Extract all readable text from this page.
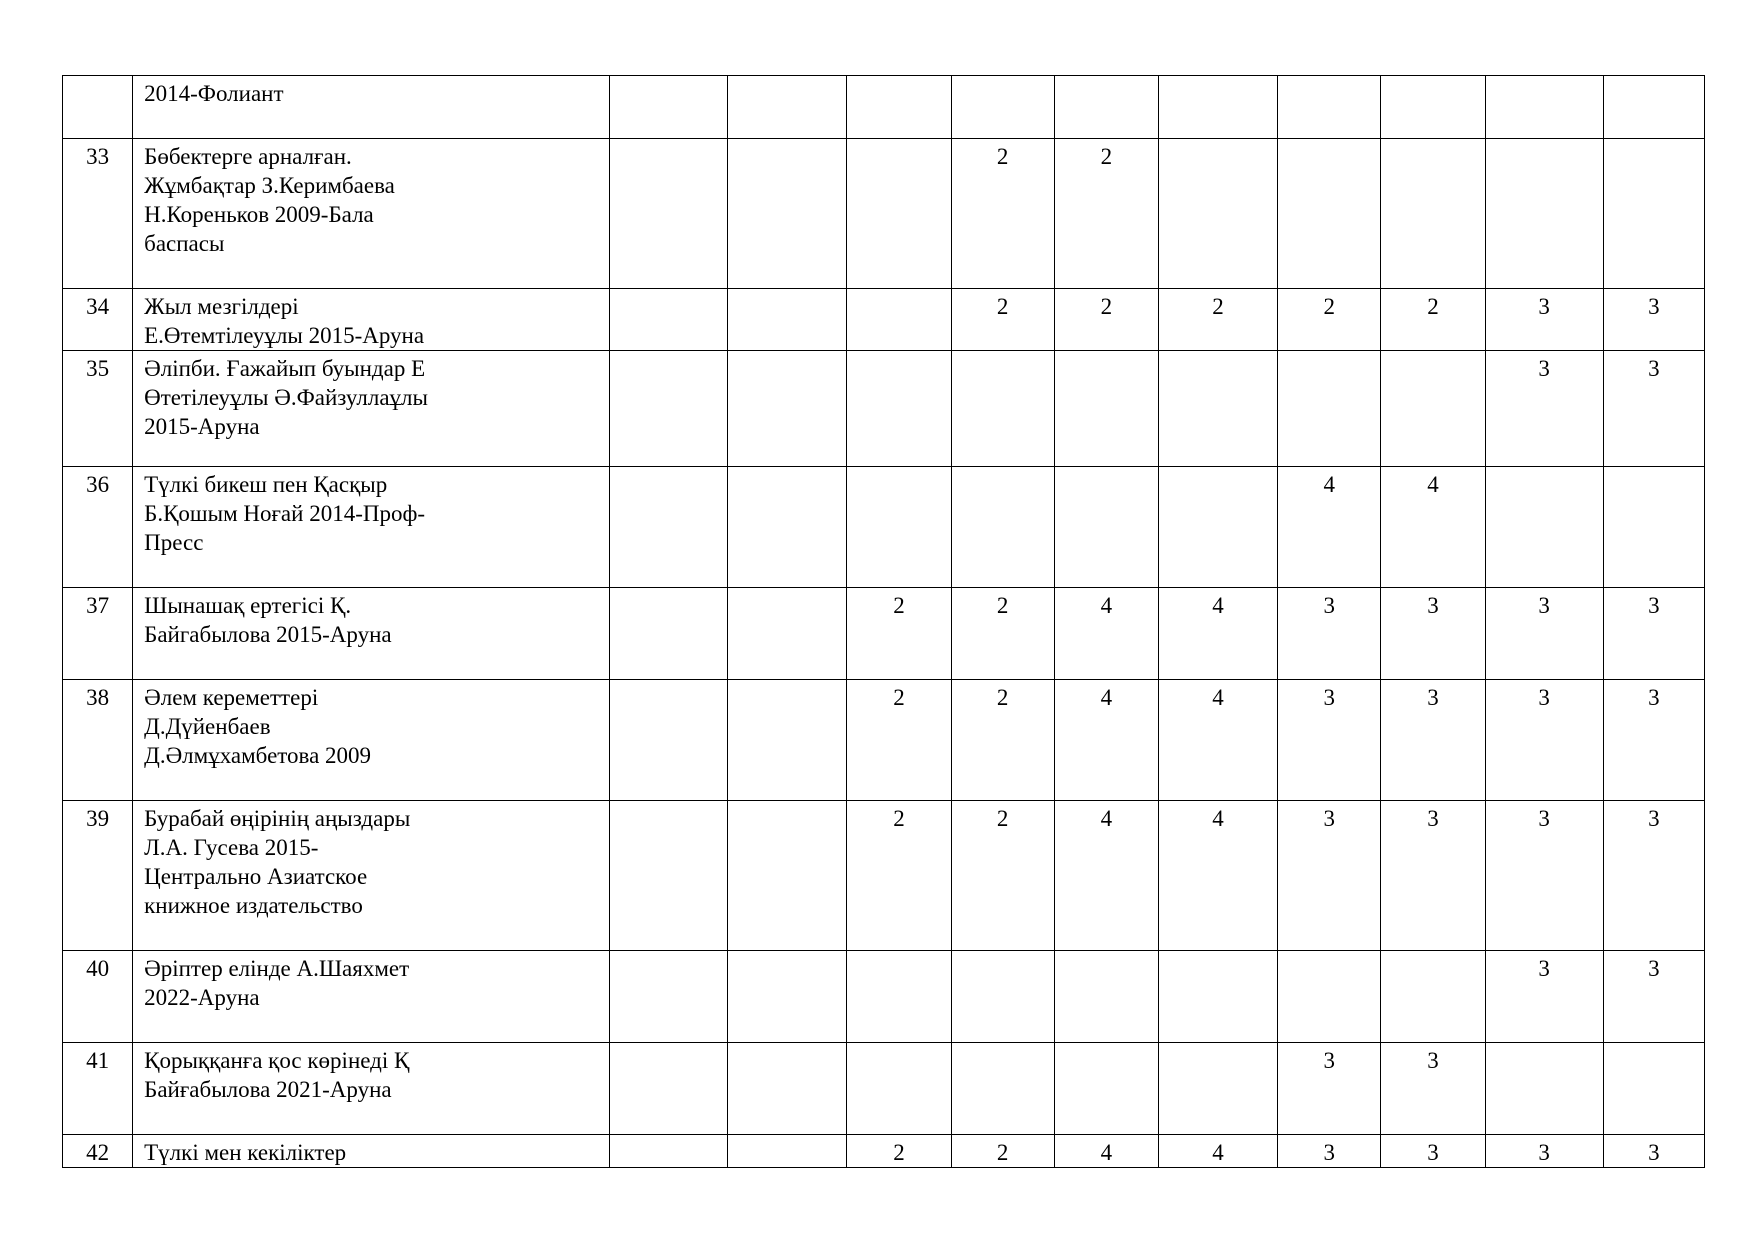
	2014-Фолиант										

33	Бөбектерге арналған.
Жұмбақтар З.Керимбаева
Н.Кореньков 2009-Бала
баспасы				2	2					
34	Жыл мезгілдері
Е.Өтемтілеуұлы 2015-Аруна				2	2	2	2	2	3	3
35	Әліпби. Ғажайып буындар Е
Өтетілеуұлы Ә.Файзуллаұлы
2015-Аруна									3	3
36	Түлкі бикеш пен Қасқыр
Б.Қошым Ноғай 2014-Проф-
Пресс							4	4		
37	Шынашақ ертегісі Қ.
Байгабылова 2015-Аруна			2	2	4	4	3	3	3	3
38	Әлем кереметтері
Д.Дүйенбаев
Д.Әлмұхамбетова 2009			2	2	4	4	3	3	3	3
39	Бурабай өңірінің аңыздары
Л.А. Гусева 2015-
Центрально Азиатское
книжное издательство			2	2	4	4	3	3	3	3
40	Әріптер елінде А.Шаяхмет
2022-Аруна									3	3
41	Қорыққанға қос көрінеді Қ
Байғабылова 2021-Аруна							3	3		
42	Түлкі мен кекіліктер			2	2	4	4	3	3	3	3
